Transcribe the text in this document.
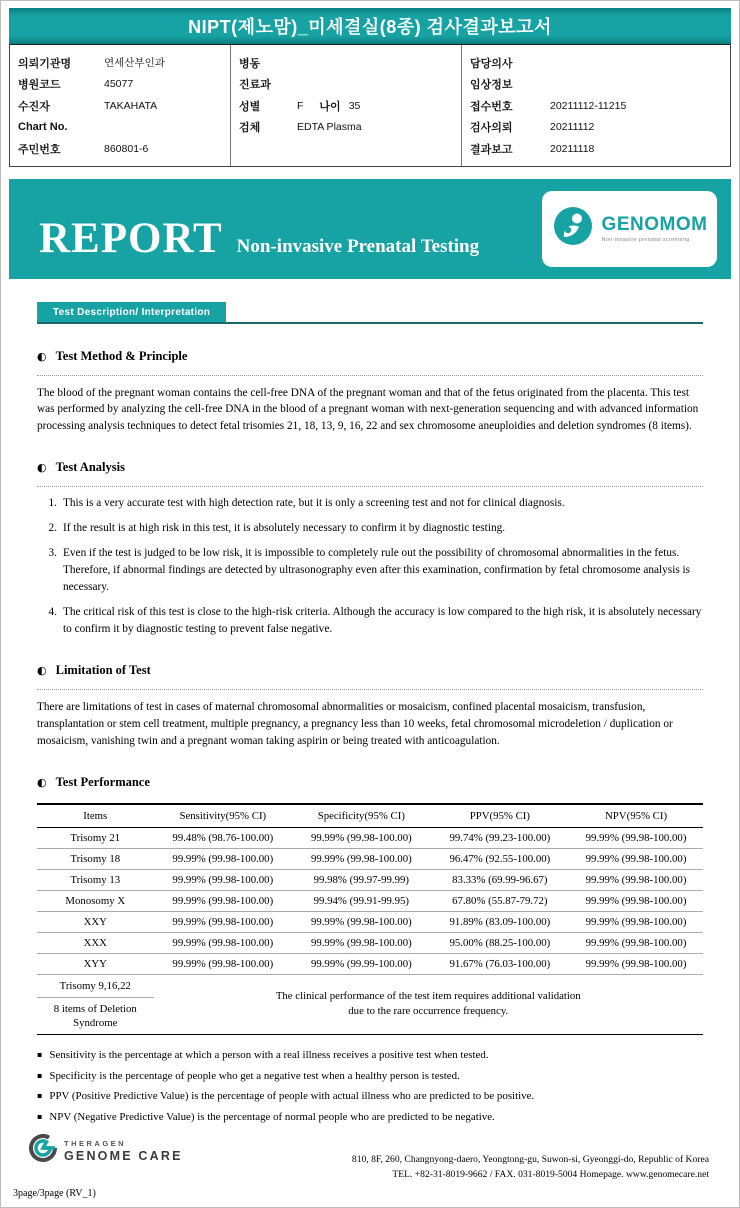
NIPT(제노맘)_미세결실(8종) 검사결과보고서
의뢰기관명	연세산부인과
병원코드	45077
수진자	TAKAHATA
Chart No.
주민번호	860801-6
병동
진료과
성별	F 나이 35
검체	EDTA Plasma
담당의사
임상정보
접수번호	20211112-11215
검사의뢰	20211112
결과보고	20211118
REPORT Non-invasive Prenatal Testing
GENOMOM
Non-invasive prenatal screening
Test Description/ Interpretation
◐ Test Method & Principle
The blood of the pregnant woman contains the cell-free DNA of the pregnant woman and that of the fetus originated from the placenta. This test was performed by analyzing the cell-free DNA in the blood of a pregnant woman with next-generation sequencing and with advanced information processing analysis techniques to detect fetal trisomies 21, 18, 13, 9, 16, 22 and sex chromosome aneuploidies and deletion syndromes (8 items).
◐ Test Analysis
1. This is a very accurate test with high detection rate, but it is only a screening test and not for clinical diagnosis.
2. If the result is at high risk in this test, it is absolutely necessary to confirm it by diagnostic testing.
3. Even if the test is judged to be low risk, it is impossible to completely rule out the possibility of chromosomal abnormalities in the fetus. Therefore, if abnormal findings are detected by ultrasonography even after this examination, confirmation by fetal chromosome analysis is necessary.
4. The critical risk of this test is close to the high-risk criteria. Although the accuracy is low compared to the high risk, it is absolutely necessary to confirm it by diagnostic testing to prevent false negative.
◐ Limitation of Test
There are limitations of test in cases of maternal chromosomal abnormalities or mosaicism, confined placental mosaicism, transfusion, transplantation or stem cell treatment, multiple pregnancy, a pregnancy less than 10 weeks, fetal chromosomal microdeletion / duplication or mosaicism, vanishing twin and a pregnant woman taking aspirin or being treated with anticoagulation.
◐ Test Performance
Items	Sensitivity(95% CI)	Specificity(95% CI)	PPV(95% CI)	NPV(95% CI)
Trisomy 21	99.48% (98.76-100.00)	99.99% (99.98-100.00)	99.74% (99.23-100.00)	99.99% (99.98-100.00)
Trisomy 18	99.99% (99.98-100.00)	99.99% (99.98-100.00)	96.47% (92.55-100.00)	99.99% (99.98-100.00)
Trisomy 13	99.99% (99.98-100.00)	99.98% (99.97-99.99)	83.33% (69.99-96.67)	99.99% (99.98-100.00)
Monosomy X	99.99% (99.98-100.00)	99.94% (99.91-99.95)	67.80% (55.87-79.72)	99.99% (99.98-100.00)
XXY	99.99% (99.98-100.00)	99.99% (99.98-100.00)	91.89% (83.09-100.00)	99.99% (99.98-100.00)
XXX	99.99% (99.98-100.00)	99.99% (99.98-100.00)	95.00% (88.25-100.00)	99.99% (99.98-100.00)
XYY	99.99% (99.98-100.00)	99.99% (99.99-100.00)	91.67% (76.03-100.00)	99.99% (99.98-100.00)
Trisomy 9,16,22	The clinical performance of the test item requires additional validation
due to the rare occurrence frequency.			

8 items of Deletion Syndrome				
▪ Sensitivity is the percentage at which a person with a real illness receives a positive test when tested.
▪ Specificity is the percentage of people who get a negative test when a healthy person is tested.
▪ PPV (Positive Predictive Value) is the percentage of people with actual illness who are predicted to be positive.
▪ NPV (Negative Predictive Value) is the percentage of normal people who are predicted to be negative.
THERAGEN
GENOME CARE	810, 8F, 260, Changnyong-daero, Yeongtong-gu, Suwon-si, Gyeonggi-do, Republic of Korea
TEL. +82-31-8019-9662 / FAX. 031-8019-5004 Homepage. www.genomecare.net
3page/3page (RV_1)
